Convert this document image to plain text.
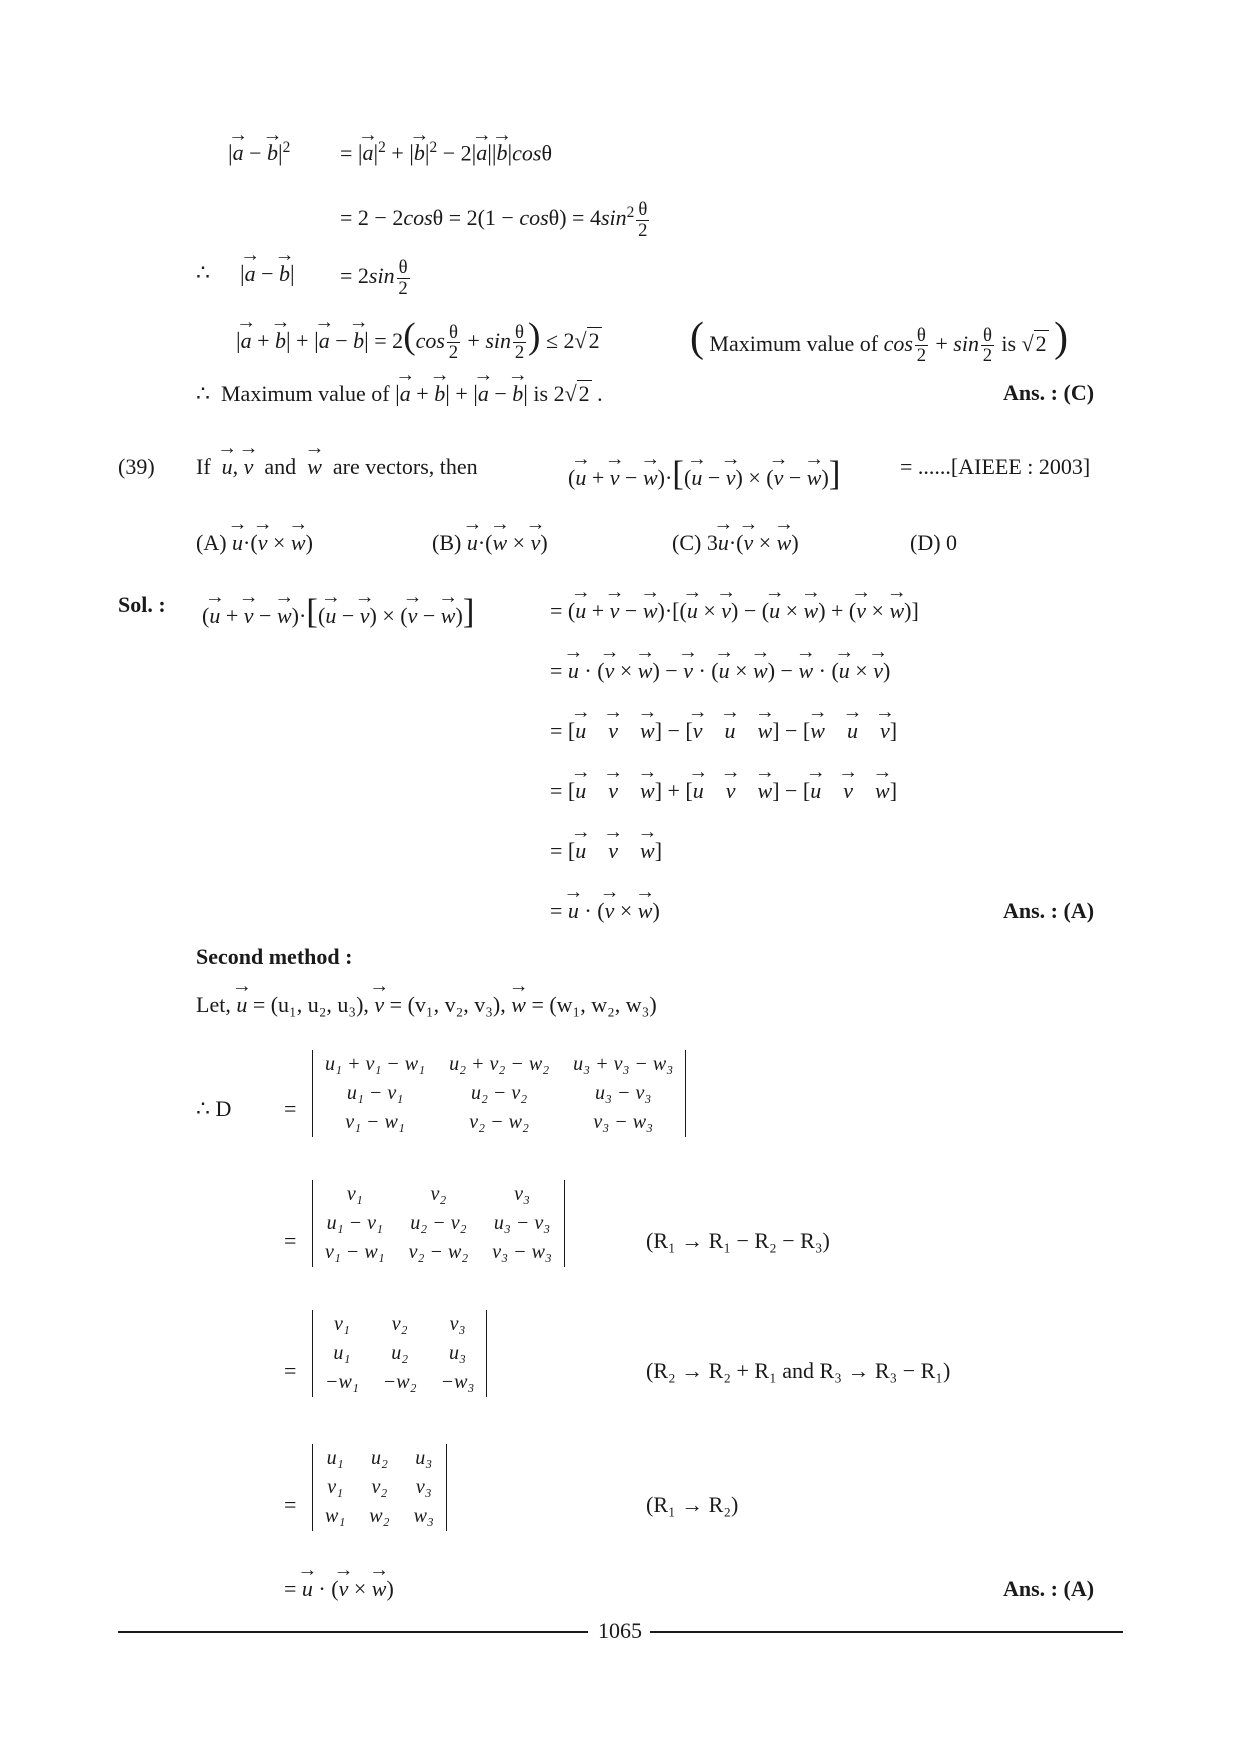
|→ a − → $b|^2$ = |→ $a|^2$ + |→ $b|^2 - 2|\to a||\to b|\cos\theta$
= $2 - 2\cos\theta = 2(1 - \cos\theta) = 4\sin^2 \frac{\theta}{2}$
∴ |→ a − → $b| = 2\sin \frac{\theta}{2}$
|→ a + → b| + |→ a − → $b| = 2(\cos \frac{\theta}{2} + \sin \frac{\theta}{2}$ ) ≤ 2√2 ( Maximum value of $\cos \frac{\theta}{2} + \sin \frac{\theta}{2}$ is √2 )
∴  Maximum value of |→ a + → b| + |→ a − → b| is 2√2 .	Ans. : (C)
(39) If → u, → v and → w are vectors, then	(→ u + → v − → w)·[(→ u − → v) × (→ v − → w)]	= ......[AIEEE : 2003]
(A) → u·(→ v × → w)	(B) → u·(→ w × → v)	(C) 3→ u·(→ v × → w)	(D) 0
Sol. : (→ u + → v − → w)·[(→ u − → v) × (→ v − → w)]	= (→ u + → v − → w)·[(→ u × → v) − (→ u × → w) + (→ v × → w)]
= → u · (→ v × → w) − → v · (→ u × → w) − → w · (→ u × → v)
= [→ u → v → w] − [→ v → u → w] − [→ w → u → v]
= [→ u → v → w] + [→ u → v → w] − [→ u → v → w]
= [→ u → v → w]
= → u · (→ v × → w)	Ans. : (A)
Second method :
Let, → u = (u₁, u₂, u₃), → v = (v₁, v₂, v₃), → w = (w₁, w₂, w₃)
∴ D =
u₁ + v₁ − w₁	u₂ + v₂ − w₂	u₃ + v₃ − w₃
u₁ − v₁	u₂ − v₂	u₃ − v₃
v₁ − w₁	v₂ − w₂	v₃ − w₃
=
v₁	v₂	v₃
u₁ − v₁	u₂ − v₂	u₃ − v₃
v₁ − w₁	v₂ − w₂	v₃ − w₃	(R₁ → R₁ − R₂ − R₃)
=
v₁	v₂	v₃
u₁	u₂	u₃
−w₁	−w₂	−w₃	(R₂ → R₂ + R₁ and R₃ → R₃ − R₁)
=
u₁	u₂	u₃
v₁	v₂	v₃
w₁	w₂	w₃	(R₁ → R₂)
= → u · (→ v × → w)	Ans. : (A)
1065
